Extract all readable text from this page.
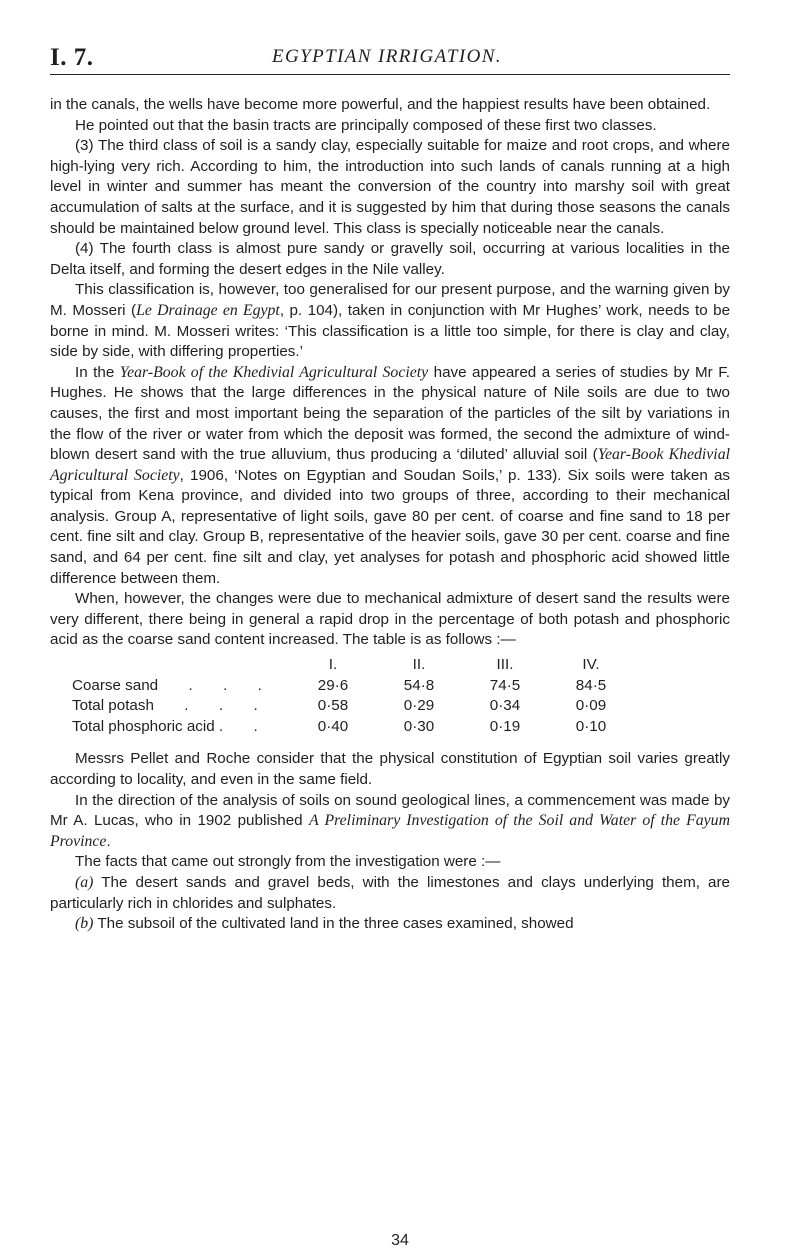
I. 7.	EGYPTIAN IRRIGATION.

in the canals, the wells have become more powerful, and the happiest results have been obtained.

He pointed out that the basin tracts are principally composed of these first two classes.

(3) The third class of soil is a sandy clay, especially suitable for maize and root crops, and where high-lying very rich. According to him, the introduction into such lands of canals running at a high level in winter and summer has meant the conversion of the country into marshy soil with great accumulation of salts at the surface, and it is suggested by him that during those seasons the canals should be maintained below ground level. This class is specially noticeable near the canals.

(4) The fourth class is almost pure sandy or gravelly soil, occurring at various localities in the Delta itself, and forming the desert edges in the Nile valley.

This classification is, however, too generalised for our present purpose, and the warning given by M. Mosseri (Le Drainage en Egypt, p. 104), taken in conjunction with Mr Hughes’ work, needs to be borne in mind. M. Mosseri writes: ‘This classification is a little too simple, for there is clay and clay, side by side, with differing properties.’

In the Year-Book of the Khedivial Agricultural Society have appeared a series of studies by Mr F. Hughes. He shows that the large differences in the physical nature of Nile soils are due to two causes, the first and most important being the separation of the particles of the silt by variations in the flow of the river or water from which the deposit was formed, the second the admixture of wind-blown desert sand with the true alluvium, thus producing a ‘diluted’ alluvial soil (Year-Book Khedivial Agricultural Society, 1906, ‘Notes on Egyptian and Soudan Soils,’ p. 133). Six soils were taken as typical from Kena province, and divided into two groups of three, according to their mechanical analysis. Group A, representative of light soils, gave 80 per cent. of coarse and fine sand to 18 per cent. fine silt and clay. Group B, representative of the heavier soils, gave 30 per cent. coarse and fine sand, and 64 per cent. fine silt and clay, yet analyses for potash and phosphoric acid showed little difference between them.

When, however, the changes were due to mechanical admixture of desert sand the results were very different, there being in general a rapid drop in the percentage of both potash and phosphoric acid as the coarse sand content increased. The table is as follows :—

	I.	II.	III.	IV.
Coarse sand  .  .  .	29·6	54·8	74·5	84·5
Total potash  .  .  .	0·58	0·29	0·34	0·09
Total phosphoric acid .  .	0·40	0·30	0·19	0·10

Messrs Pellet and Roche consider that the physical constitution of Egyptian soil varies greatly according to locality, and even in the same field.

In the direction of the analysis of soils on sound geological lines, a commencement was made by Mr A. Lucas, who in 1902 published A Preliminary Investigation of the Soil and Water of the Fayum Province.

The facts that came out strongly from the investigation were :—

(a) The desert sands and gravel beds, with the limestones and clays underlying them, are particularly rich in chlorides and sulphates.

(b) The subsoil of the cultivated land in the three cases examined, showed

34
